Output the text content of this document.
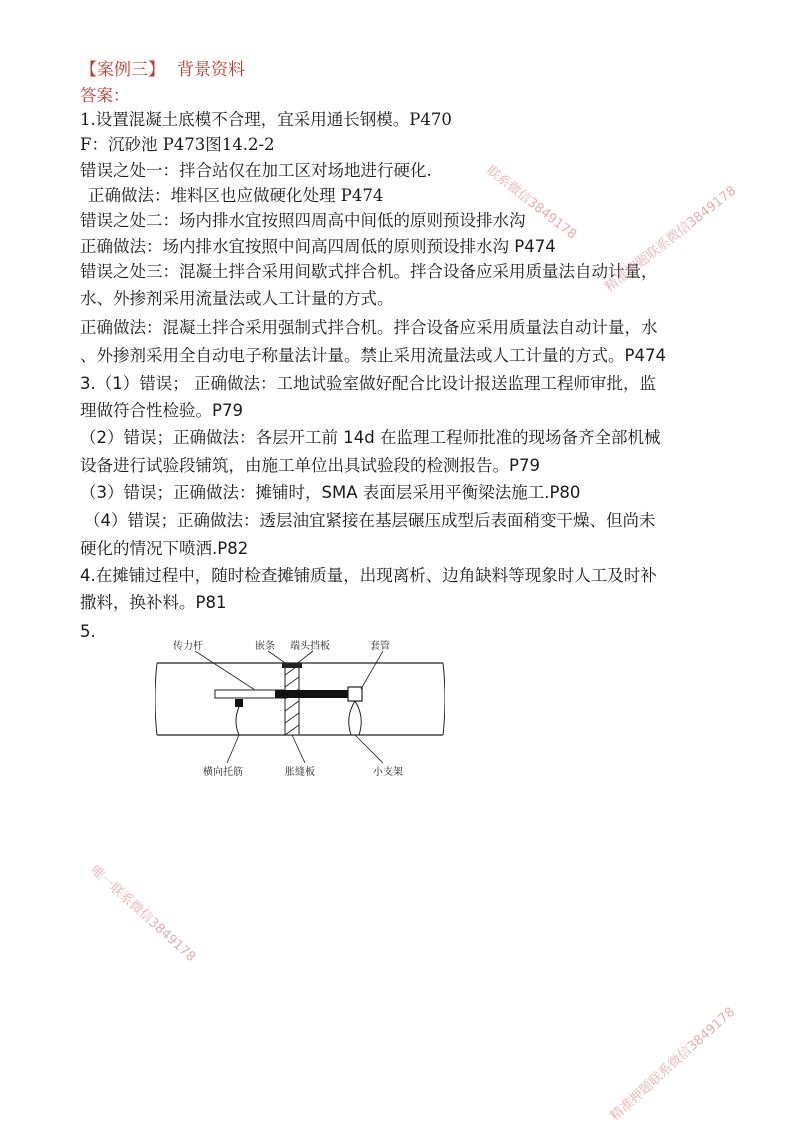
【案例三】 背景资料
答案：
1.设置混凝土底模不合理，宜采用通长钢模。P470
F：沉砂池 P473图14.2-2
错误之处一：拌合站仅在加工区对场地进行硬化.
正确做法：堆料区也应做硬化处理 P474
错误之处二：场内排水宜按照四周高中间低的原则预设排水沟
正确做法：场内排水宜按照中间高四周低的原则预设排水沟 P474
错误之处三：混凝土拌合采用间歇式拌合机。拌合设备应采用质量法自动计量，
水、外掺剂采用流量法或人工计量的方式。
正确做法：混凝土拌合采用强制式拌合机。拌合设备应采用质量法自动计量，水
、外掺剂采用全自动电子称量法计量。禁止采用流量法或人工计量的方式。P474
3.（1）错误； 正确做法：工地试验室做好配合比设计报送监理工程师审批，监
理做符合性检验。P79
（2）错误；正确做法：各层开工前 14d 在监理工程师批准的现场备齐全部机械
设备进行试验段铺筑，由施工单位出具试验段的检测报告。P79
（3）错误；正确做法：摊铺时，SMA 表面层采用平衡梁法施工.P80
（4）错误；正确做法：透层油宜紧接在基层碾压成型后表面稍变干燥、但尚未
硬化的情况下喷洒.P82
4.在摊铺过程中，随时检查摊铺质量，出现离析、边角缺料等现象时人工及时补
撒料，换补料。P81
5.
传力杆	嵌条 端头挡板	套管
横向托筋	胀缝板	小支架
联系微信3849178 精准押题联系微信3849178
唯一联系微信3849178
精准押题联系微信3849178
